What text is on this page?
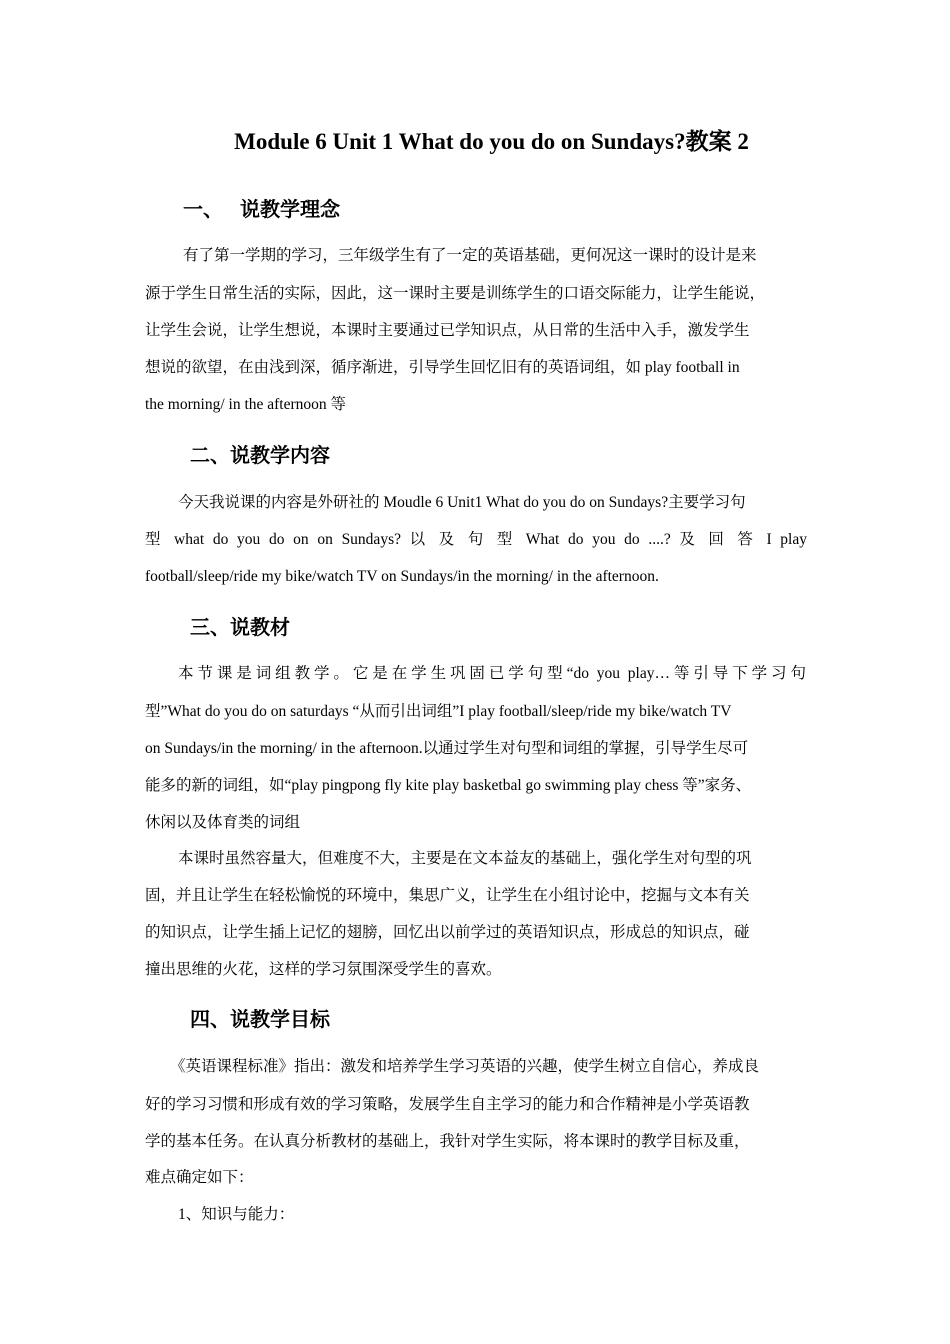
Module 6 Unit 1 What do you do on Sundays?教案 2
一、 说教学理念
有了第一学期的学习，三年级学生有了一定的英语基础，更何况这一课时的设计是来
源于学生日常生活的实际，因此，这一课时主要是训练学生的口语交际能力，让学生能说，
让学生会说，让学生想说，本课时主要通过已学知识点，从日常的生活中入手，激发学生
想说的欲望，在由浅到深，循序渐进，引导学生回忆旧有的英语词组，如 play football in
the morning/ in the afternoon 等
二、说教学内容
今天我说课的内容是外研社的 Moudle 6 Unit1 What do you do on Sundays?主要学习句
型 what do you do on on Sundays? 以 及 句 型 What do you do ....? 及 回 答 I play
football/sleep/ride my bike/watch TV on Sundays/in the morning/ in the afternoon.
三、说教材
本节课是词组教学。它是在学生巩固已学句型“do you play…等引导下学习句
型”What do you do on saturdays “从而引出词组”I play football/sleep/ride my bike/watch TV
on Sundays/in the morning/ in the afternoon.以通过学生对句型和词组的掌握，引导学生尽可
能多的新的词组，如“play pingpong fly kite play basketbal go swimming play chess 等”家务、
休闲以及体育类的词组
本课时虽然容量大，但难度不大，主要是在文本益友的基础上，强化学生对句型的巩
固，并且让学生在轻松愉悦的环境中，集思广义，让学生在小组讨论中，挖掘与文本有关
的知识点，让学生插上记忆的翅膀，回忆出以前学过的英语知识点，形成总的知识点，碰
撞出思维的火花，这样的学习氛围深受学生的喜欢。
四、说教学目标
《英语课程标准》指出：激发和培养学生学习英语的兴趣，使学生树立自信心，养成良
好的学习习惯和形成有效的学习策略，发展学生自主学习的能力和合作精神是小学英语教
学的基本任务。在认真分析教材的基础上，我针对学生实际，将本课时的教学目标及重，
难点确定如下：
1、知识与能力：
